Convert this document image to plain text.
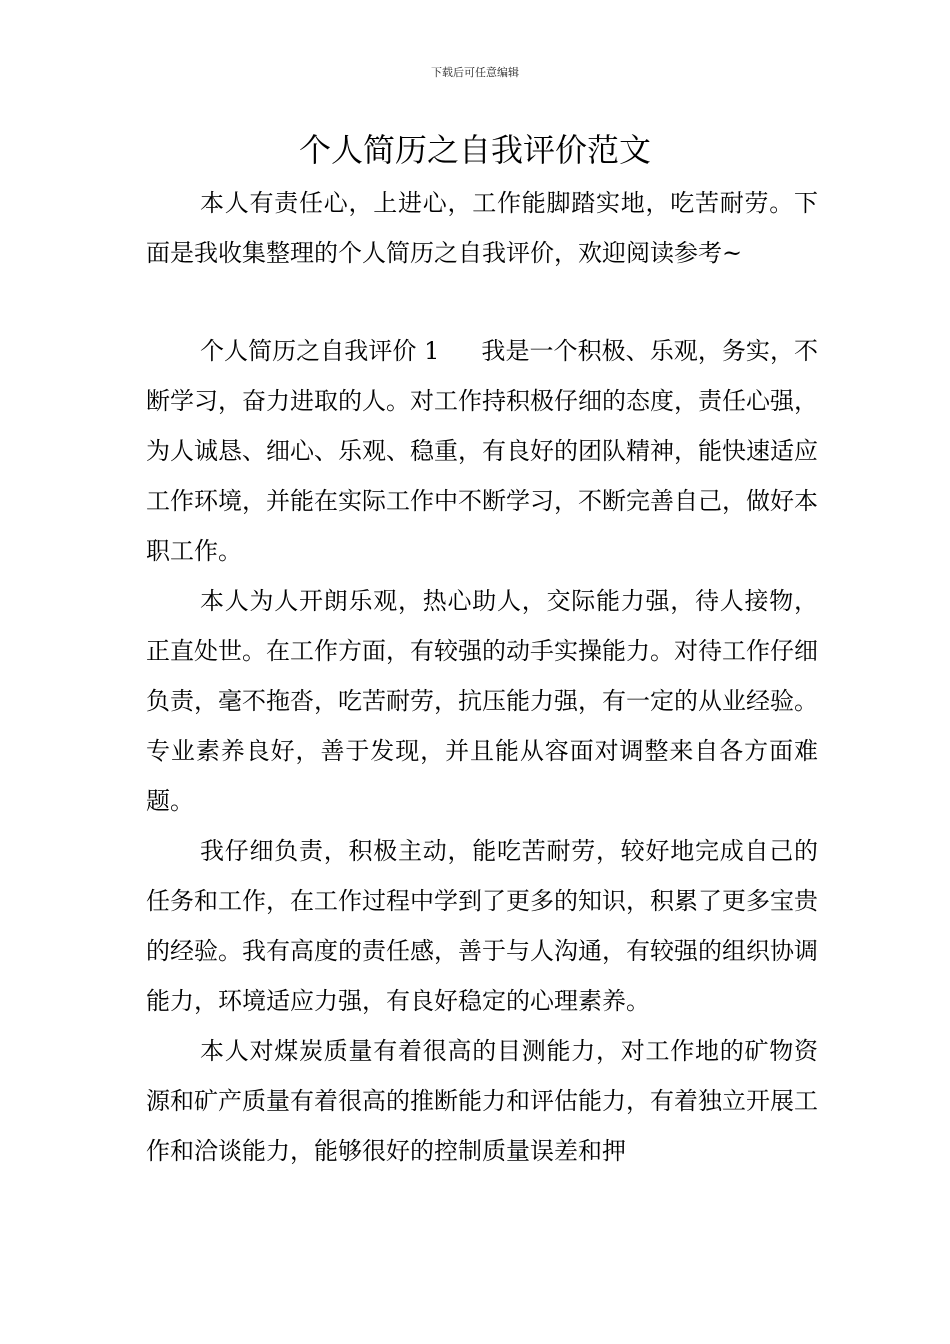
下载后可任意编辑
个人简历之自我评价范文

本人有责任心，上进心，工作能脚踏实地，吃苦耐劳。下面是我收集整理的个人简历之自我评价，欢迎阅读参考~

个人简历之自我评价 1 我是一个积极、乐观，务实，不断学习，奋力进取的人。对工作持积极仔细的态度，责任心强，为人诚恳、细心、乐观、稳重，有良好的团队精神，能快速适应工作环境，并能在实际工作中不断学习，不断完善自己，做好本职工作。

本人为人开朗乐观，热心助人，交际能力强，待人接物，正直处世。在工作方面，有较强的动手实操能力。对待工作仔细负责，毫不拖沓，吃苦耐劳，抗压能力强，有一定的从业经验。专业素养良好，善于发现，并且能从容面对调整来自各方面难题。

我仔细负责，积极主动，能吃苦耐劳，较好地完成自己的任务和工作，在工作过程中学到了更多的知识，积累了更多宝贵的经验。我有高度的责任感，善于与人沟通，有较强的组织协调能力，环境适应力强，有良好稳定的心理素养。

本人对煤炭质量有着很高的目测能力，对工作地的矿物资源和矿产质量有着很高的推断能力和评估能力，有着独立开展工作和洽谈能力，能够很好的控制质量误差和押
